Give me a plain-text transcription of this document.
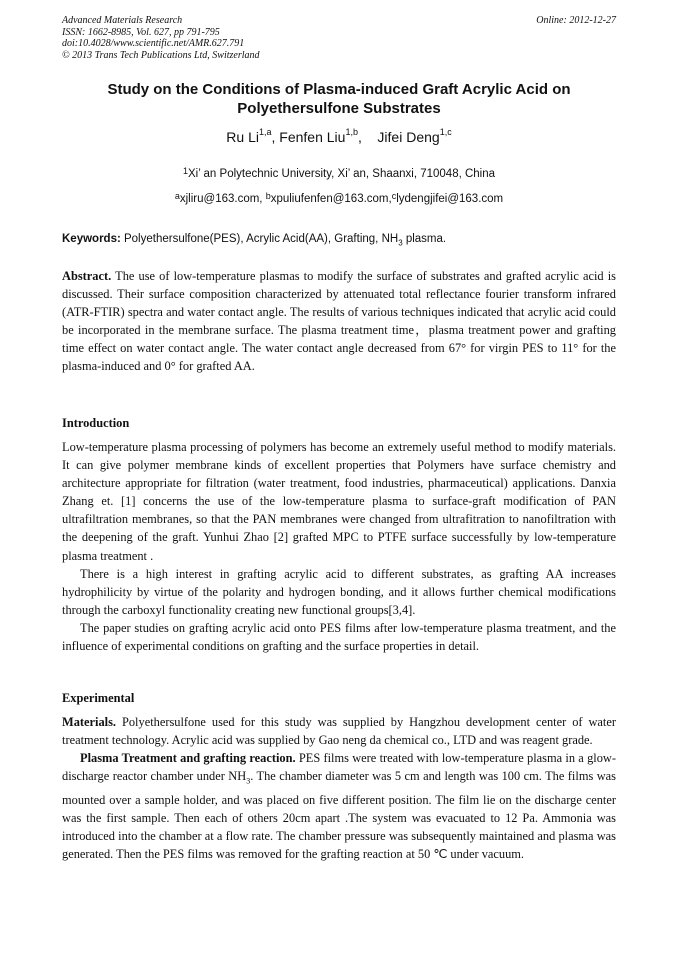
Advanced Materials Research
ISSN: 1662-8985, Vol. 627, pp 791-795
doi:10.4028/www.scientific.net/AMR.627.791
© 2013 Trans Tech Publications Ltd, Switzerland
Online: 2012-12-27
Study on the Conditions of Plasma-induced Graft Acrylic Acid on
Polyethersulfone Substrates
Ru Li$^{1,a}$, Fenfen Liu$^{1,b}$,    Jifei Deng$^{1,c}$
$^1$Xi’ an Polytechnic University, Xi’ an, Shaanxi, 710048, China
$^a$xjliru@163.com, $^b$xpuliufenfen@163.com,$^c$lydengjifei@163.com
Keywords: Polyethersulfone(PES), Acrylic Acid(AA), Grafting, $NH_3$ plasma.

Abstract. The use of low-temperature plasmas to modify the surface of substrates and grafted acrylic acid is discussed. Their surface composition characterized by attenuated total reflectance fourier transform infrared (ATR-FTIR) spectra and water contact angle. The results of various techniques indicated that acrylic acid could be incorporated in the membrane surface. The plasma treatment time，plasma treatment power and grafting time effect on water contact angle. The water contact angle decreased from 67° for virgin PES to 11° for the plasma-induced and 0° for grafted AA.

Introduction

Low-temperature plasma processing of polymers has become an extremely useful method to modify materials. It can give polymer membrane kinds of excellent properties that Polymers have surface chemistry and architecture appropriate for filtration (water treatment, food industries, pharmaceutical) applications. Danxia Zhang et. [1] concerns the use of the low-temperature plasma to surface-graft modification of PAN ultrafiltration membranes, so that the PAN membranes were changed from ultrafitration to nanofiltration with the deepening of the graft. Yunhui Zhao [2] grafted MPC to PTFE surface successfully by low-temperature plasma treatment .

There is a high interest in grafting acrylic acid to different substrates, as grafting AA increases hydrophilicity by virtue of the polarity and hydrogen bonding, and it allows further chemical modifications through the carboxyl functionality creating new functional groups[3,4].

The paper studies on grafting acrylic acid onto PES films after low-temperature plasma treatment, and the influence of experimental conditions on grafting and the surface properties in detail.

Experimental

Materials. Polyethersulfone used for this study was supplied by Hangzhou development center of water treatment technology. Acrylic acid was supplied by Gao neng da chemical co., LTD and was reagent grade.

Plasma Treatment and grafting reaction. PES films were treated with low-temperature plasma in a glow-discharge reactor chamber under $NH_3$. The chamber diameter was 5 cm and length was 100 cm. The films was mounted over a sample holder, and was placed on five different position. The film lie on the discharge center was the first sample. Then each of others 20cm apart .The system was evacuated to 12 Pa. Ammonia was introduced into the chamber at a flow rate. The chamber pressure was subsequently maintained and plasma was generated. Then the PES films was removed for the grafting reaction at 50 ℃ under vacuum.
